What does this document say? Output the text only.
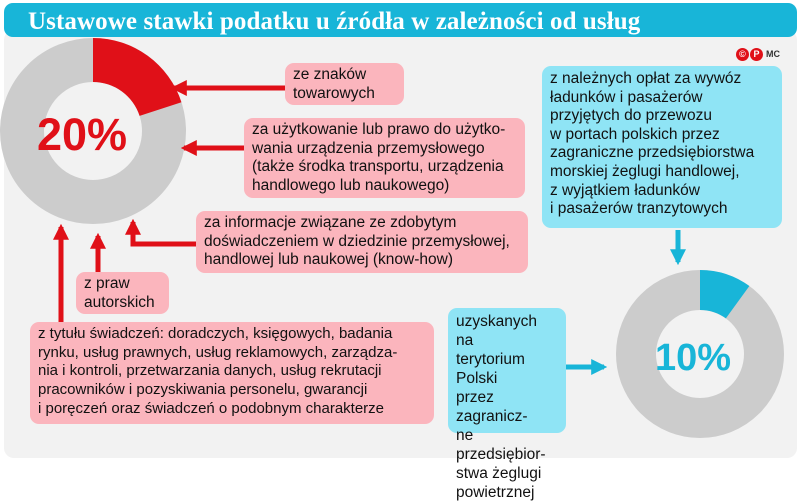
Ustawowe stawki podatku u źródła w zależności od usług
20%
10%
© P MC
ze znaków
towarowych
za użytkowanie lub prawo do użytko-
wania urządzenia przemysłowego
(także środka transportu, urządzenia
handlowego lub naukowego)
za informacje związane ze zdobytym
doświadczeniem w dziedzinie przemysłowej,
handlowej lub naukowej (know-how)
z praw
autorskich
z tytułu świadczeń: doradczych, księgowych, badania
rynku, usług prawnych, usług reklamowych, zarządza-
nia i kontroli, przetwarzania danych, usług rekrutacji
pracowników i pozyskiwania personelu, gwarancji
i poręczeń oraz świadczeń o podobnym charakterze
z należnych opłat za wywóz
ładunków i pasażerów
przyjętych do przewozu
w portach polskich przez
zagraniczne przedsiębiorstwa
morskiej żeglugi handlowej,
z wyjątkiem ładunków
i pasażerów tranzytowych
uzyskanych na
terytorium Polski
przez zagranicz-
ne przedsiębior-
stwa żeglugi
powietrznej
